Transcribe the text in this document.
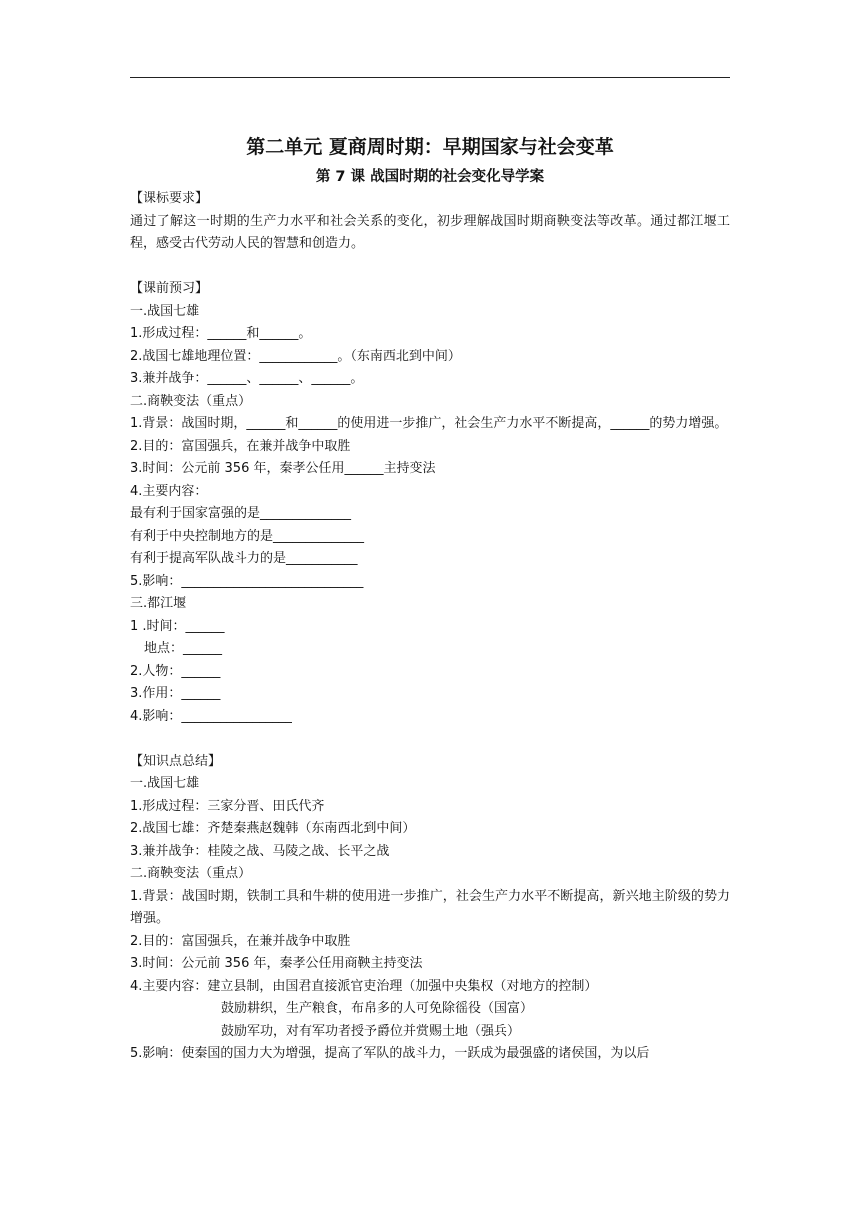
第二单元 夏商周时期：早期国家与社会变革
第 7 课 战国时期的社会变化导学案
【课标要求】
通过了解这一时期的生产力水平和社会关系的变化，初步理解战国时期商鞅变法等改革。通过都江堰工程，感受古代劳动人民的智慧和创造力。
【课前预习】
一.战国七雄
1.形成过程：______和______。
2.战国七雄地理位置：____________。（东南西北到中间）
3.兼并战争：______、______、______。
二.商鞅变法（重点）
1.背景：战国时期，______和______的使用进一步推广，社会生产力水平不断提高，______的势力增强。
2.目的：富国强兵，在兼并战争中取胜
3.时间：公元前 356 年，秦孝公任用______主持变法
4.主要内容：
最有利于国家富强的是______________
有利于中央控制地方的是______________
有利于提高军队战斗力的是___________
5.影响：____________________________
三.都江堰
1 .时间：______
地点：______
2.人物：______
3.作用：______
4.影响：_________________
【知识点总结】
一.战国七雄
1.形成过程：三家分晋、田氏代齐
2.战国七雄：齐楚秦燕赵魏韩（东南西北到中间）
3.兼并战争：桂陵之战、马陵之战、长平之战
二.商鞅变法（重点）
1.背景：战国时期，铁制工具和牛耕的使用进一步推广，社会生产力水平不断提高，新兴地主阶级的势力增强。
2.目的：富国强兵，在兼并战争中取胜
3.时间：公元前 356 年，秦孝公任用商鞅主持变法
4.主要内容：建立县制，由国君直接派官吏治理（加强中央集权（对地方的控制）
鼓励耕织，生产粮食，布帛多的人可免除徭役（国富）
鼓励军功，对有军功者授予爵位并赏赐土地（强兵）
5.影响：使秦国的国力大为增强，提高了军队的战斗力，一跃成为最强盛的诸侯国，为以后
